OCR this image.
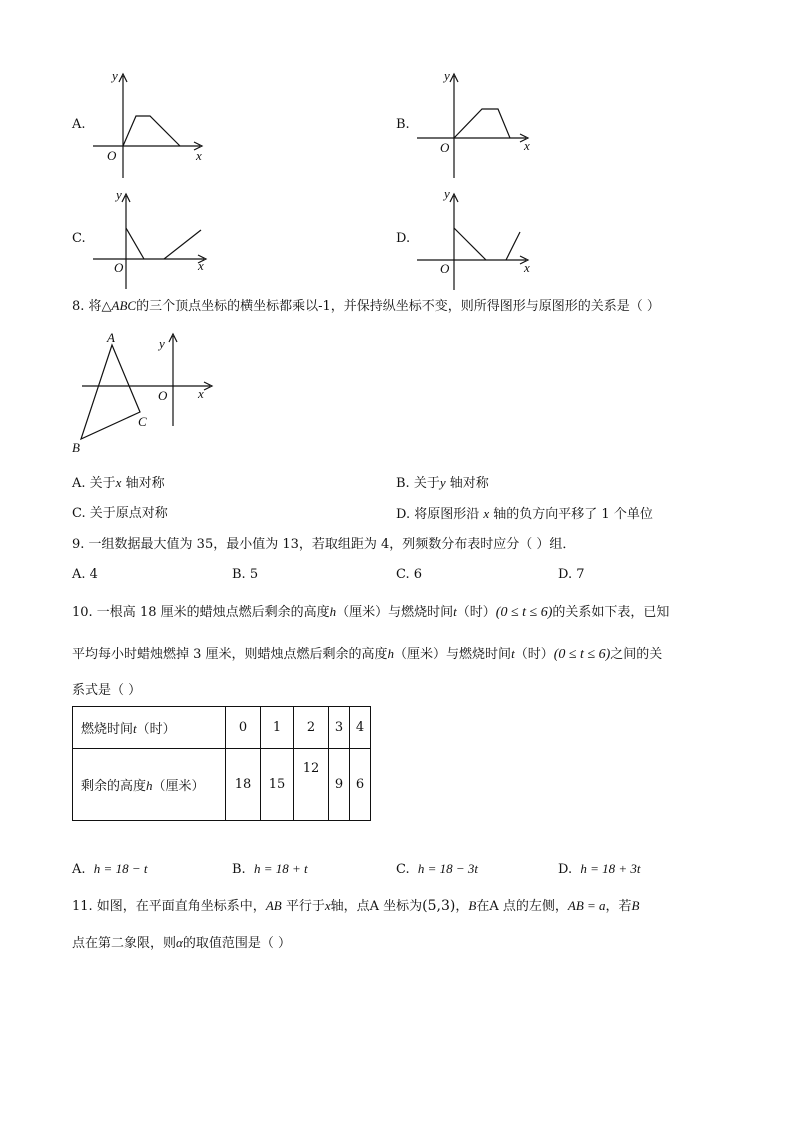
A.
y
x
O
B.
y
x
O
C.
y
x
O
D.
y
x
O
8. 将△ABC的三个顶点坐标的横坐标都乘以-1，并保持纵坐标不变，则所得图形与原图形的关系是（ ）
A
B
C
y
x
O
A. 关于x 轴对称	B. 关于y 轴对称
C. 关于原点对称	D. 将原图形沿 x 轴的负方向平移了 1 个单位
9. 一组数据最大值为 35，最小值为 13，若取组距为 4，列频数分布表时应分（ ）组．
A. 4	B. 5	C. 6	D. 7
10. 一根高 18 厘米的蜡烛点燃后剩余的高度h（厘米）与燃烧时间t（时）(0 ≤ t ≤ 6)的关系如下表，已知
平均每小时蜡烛燃掉 3 厘米，则蜡烛点燃后剩余的高度h（厘米）与燃烧时间t（时）(0 ≤ t ≤ 6)之间的关
系式是（ ）
燃烧时间t（时）	0	1	2	3	4
剩余的高度h（厘米）	18	15	12	9	6
A. h = 18 − t	B. h = 18 + t	C. h = 18 − 3t	D. h = 18 + 3t
11. 如图，在平面直角坐标系中，AB 平行于x轴，点A 坐标为(5,3)，B在A 点的左侧，AB = a，若B
点在第二象限，则α的取值范围是（ ）
